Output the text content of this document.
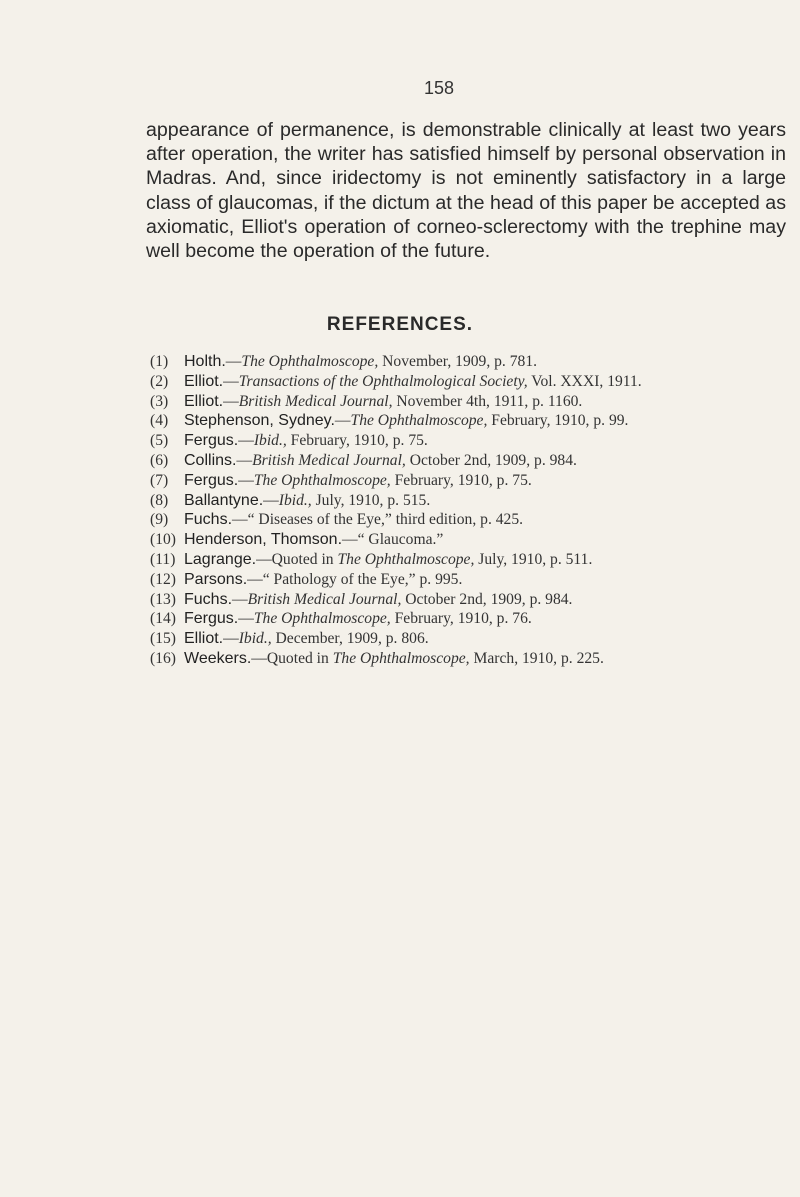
158

appearance of permanence, is demonstrable clinically at least two years after operation, the writer has satisfied himself by personal observation in Madras. And, since iridectomy is not eminently satisfactory in a large class of glaucomas, if the dictum at the head of this paper be accepted as axiomatic, Elliot's operation of corneo-sclerectomy with the trephine may well become the operation of the future.

REFERENCES.
(1) Holth.—The Ophthalmoscope, November, 1909, p. 781.
(2) Elliot.—Transactions of the Ophthalmological Society, Vol. XXXI, 1911.
(3) Elliot.—British Medical Journal, November 4th, 1911, p. 1160.
(4) Stephenson, Sydney.—The Ophthalmoscope, February, 1910, p. 99.
(5) Fergus.—Ibid., February, 1910, p. 75.
(6) Collins.—British Medical Journal, October 2nd, 1909, p. 984.
(7) Fergus.—The Ophthalmoscope, February, 1910, p. 75.
(8) Ballantyne.—Ibid., July, 1910, p. 515.
(9) Fuchs.—“ Diseases of the Eye,” third edition, p. 425.
(10) Henderson, Thomson.—“ Glaucoma.”
(11) Lagrange.—Quoted in The Ophthalmoscope, July, 1910, p. 511.
(12) Parsons.—“ Pathology of the Eye,” p. 995.
(13) Fuchs.—British Medical Journal, October 2nd, 1909, p. 984.
(14) Fergus.—The Ophthalmoscope, February, 1910, p. 76.
(15) Elliot.—Ibid., December, 1909, p. 806.
(16) Weekers.—Quoted in The Ophthalmoscope, March, 1910, p. 225.
